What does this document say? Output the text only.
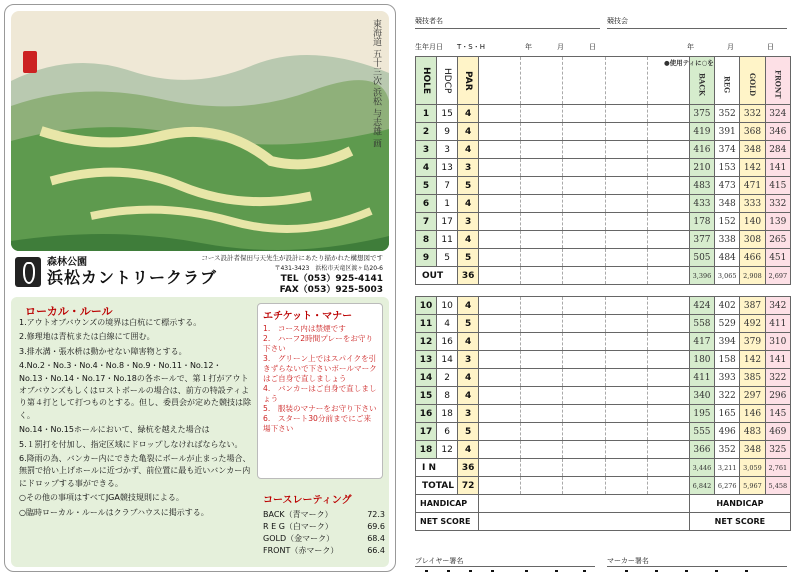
東海道 五十三次 浜松 与志雄 画
森林公園
浜松カントリークラブ
コース設計者保田与天先生が設計にあたり描かれた構想図です
〒431-3423　浜松市天竜区渡ヶ島20-6
TEL（053）925-4141
FAX（053）925-5003
ローカル・ルール
1.アウトオブバウンズの境界は白杭にて標示する。
2.修理地は青杭または白線にて囲む。
3.排水溝・張水枡は動かせない障害物とする。
4.No.2・No.3・No.4・No.8・No.9・No.11・No.12・No.13・No.14・No.17・No.18の各ホールで、第１打がアウトオブバウンズもしくはロストボールの場合は、前方の特設ティより第４打として打つものとする。但し、委員会が定めた競技は除く。
No.14・No.15ホールにおいて、緑杭を越えた場合は
5.１罰打を付加し、指定区域にドロップしなければならない。
6.降雨の為、バンカー内にできた亀裂にボールが止まった場合、無罰で拾い上げホールに近づかず、前位置に最も近いバンカー内にドロップする事ができる。
○その他の事項はすべてJGA競技規則による。
○臨時ローカル・ルールはクラブハウスに掲示する。
エチケット・マナー
1.　コース内は禁煙です
2.　ハーフ2時間プレーをお守り下さい
3.　グリーン上ではスパイクを引きずらないで下さいボールマークはご自身で直しましょう
4.　バンカーはご自身で直しましょう
5.　服装のマナーをお守り下さい
6.　スタート30分前までにご来場下さい
コースレーティング
BACK（青マーク）	72.3
R E G（白マーク）	69.6
GOLD（金マーク）	68.4
FRONT（赤マーク）	66.4
競技者名	競技会
生年月日 T・S・H	年	月	日	年	月	日
HOLE	HDCP	PAR						●使用ティに○を
BACK	REG	GOLD	FRONT
1	15	4						375	352	332	324
2	9	4						419	391	368	346
3	3	4						416	374	348	284
4	13	3						210	153	142	141
5	7	5						483	473	471	415
6	1	4						433	348	333	332
7	17	3						178	152	140	139
8	11	4						377	338	308	265
9	5	5						505	484	466	451
OUT		36						3,396	3,065	2,908	2,697
10	10	4						424	402	387	342
11	4	5						558	529	492	411
12	16	4						417	394	379	310
13	14	3						180	158	142	141
14	2	4						411	393	385	322
15	8	4						340	322	297	296
16	18	3						195	165	146	145
17	6	5						555	496	483	469
18	12	4						366	352	348	325
I N		36						3,446	3,211	3,059	2,761
TOTAL		72						6,842	6,276	5,967	5,458
HANDICAP								HANDICAP			
NET SCORE								NET SCORE			
プレイヤー署名	マーカー署名
